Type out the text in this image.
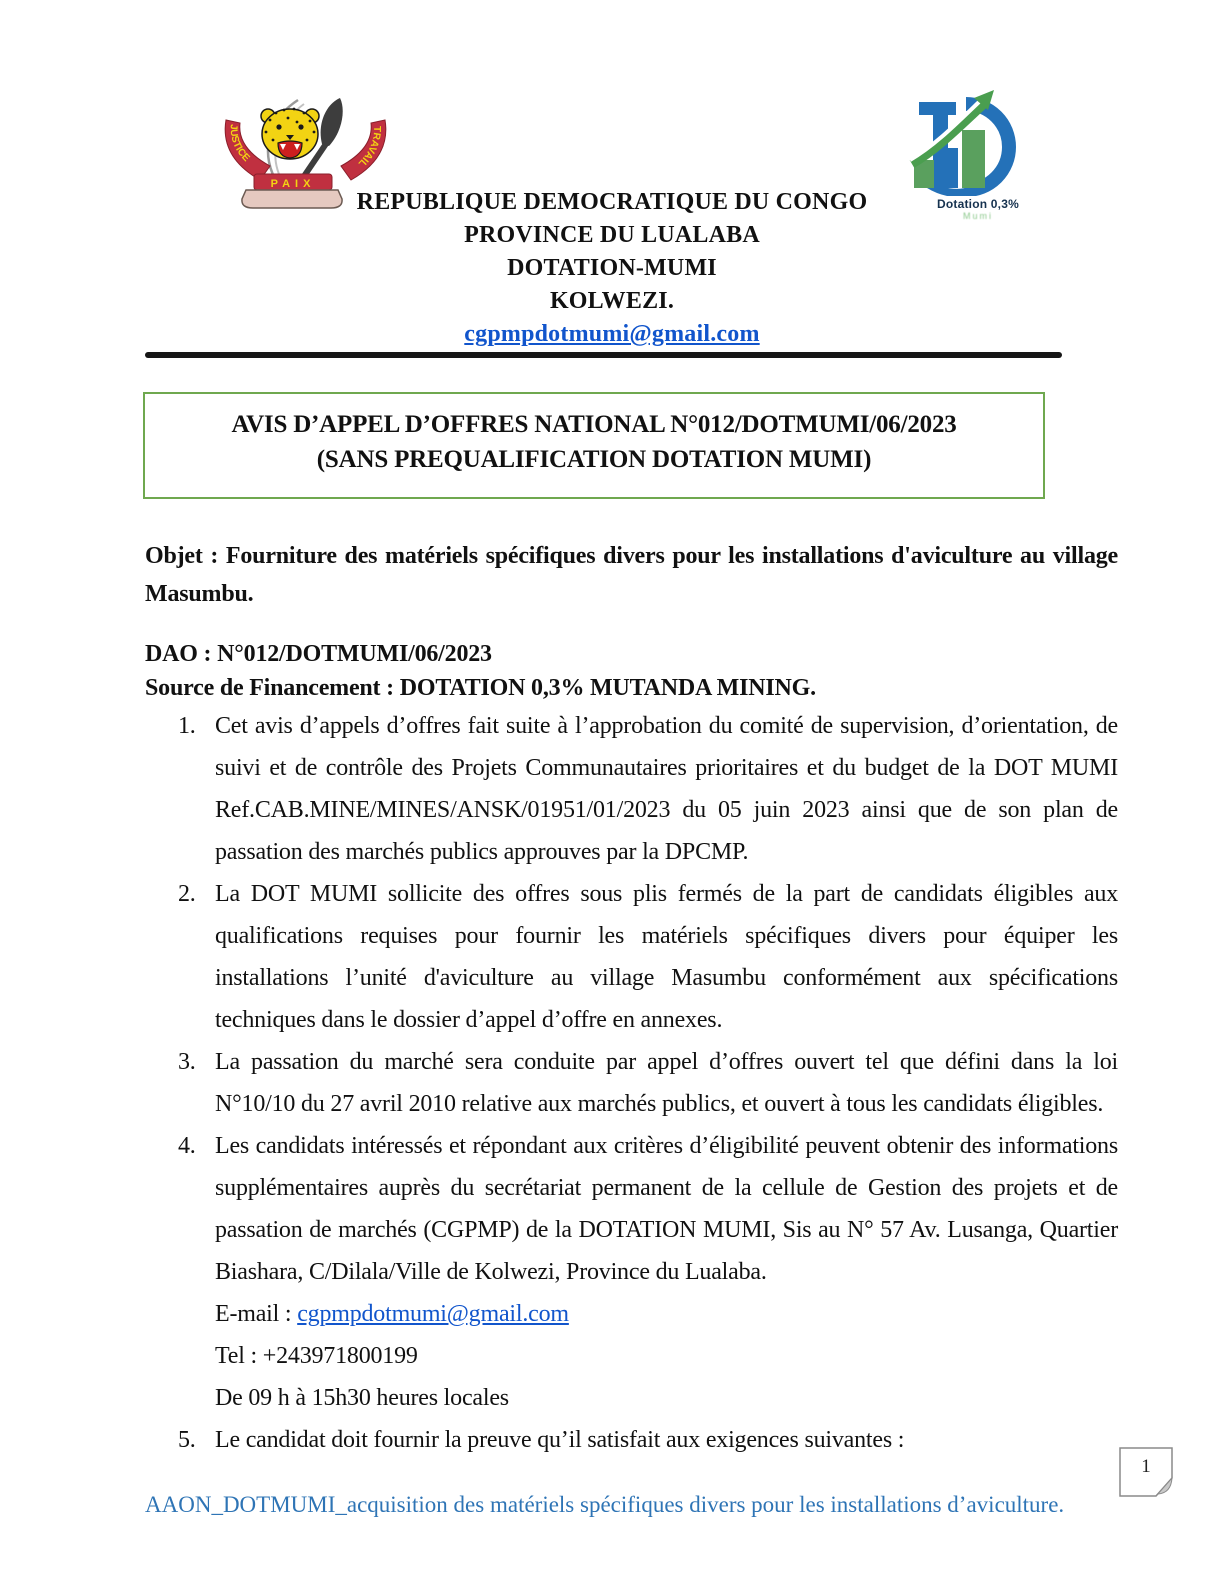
JUSTICE
TRAVAIL
PAIX
Dotation 0,3%
Mumi
REPUBLIQUE DEMOCRATIQUE DU CONGO
PROVINCE DU LUALABA
DOTATION-MUMI
KOLWEZI.
cgpmpdotmumi@gmail.com
AVIS D’APPEL D’OFFRES NATIONAL N°012/DOTMUMI/06/2023
(SANS PREQUALIFICATION DOTATION MUMI)

Objet : Fourniture des matériels spécifiques divers pour les installations d'aviculture au village Masumbu.

DAO : N°012/DOTMUMI/06/2023

Source de Financement : DOTATION 0,3% MUTANDA MINING.

1. Cet avis d’appels d’offres fait suite à l’approbation du comité de supervision, d’orientation, de suivi et de contrôle des Projets Communautaires prioritaires et du budget de la DOT MUMI Ref.CAB.MINE/MINES/ANSK/01951/01/2023 du 05 juin 2023 ainsi que de son plan de passation des marchés publics approuves par la DPCMP.
2. La DOT MUMI sollicite des offres sous plis fermés de la part de candidats éligibles aux qualifications requises pour fournir les matériels spécifiques divers pour équiper les installations l’unité d'aviculture au village Masumbu conformément aux spécifications techniques dans le dossier d’appel d’offre en annexes.
3. La passation du marché sera conduite par appel d’offres ouvert tel que défini dans la loi N°10/10 du 27 avril 2010 relative aux marchés publics, et ouvert à tous les candidats éligibles.
4. Les candidats intéressés et répondant aux critères d’éligibilité peuvent obtenir des informations supplémentaires auprès du secrétariat permanent de la cellule de Gestion des projets et de passation de marchés (CGPMP) de la DOTATION MUMI, Sis au N° 57 Av. Lusanga, Quartier Biashara, C/Dilala/Ville de Kolwezi, Province du Lualaba.
E-mail : cgpmpdotmumi@gmail.com
Tel : +243971800199
De 09 h à 15h30 heures locales
5. Le candidat doit fournir la preuve qu’il satisfait aux exigences suivantes :
AAON_DOTMUMI_acquisition des matériels spécifiques divers pour les installations d’aviculture.
1
